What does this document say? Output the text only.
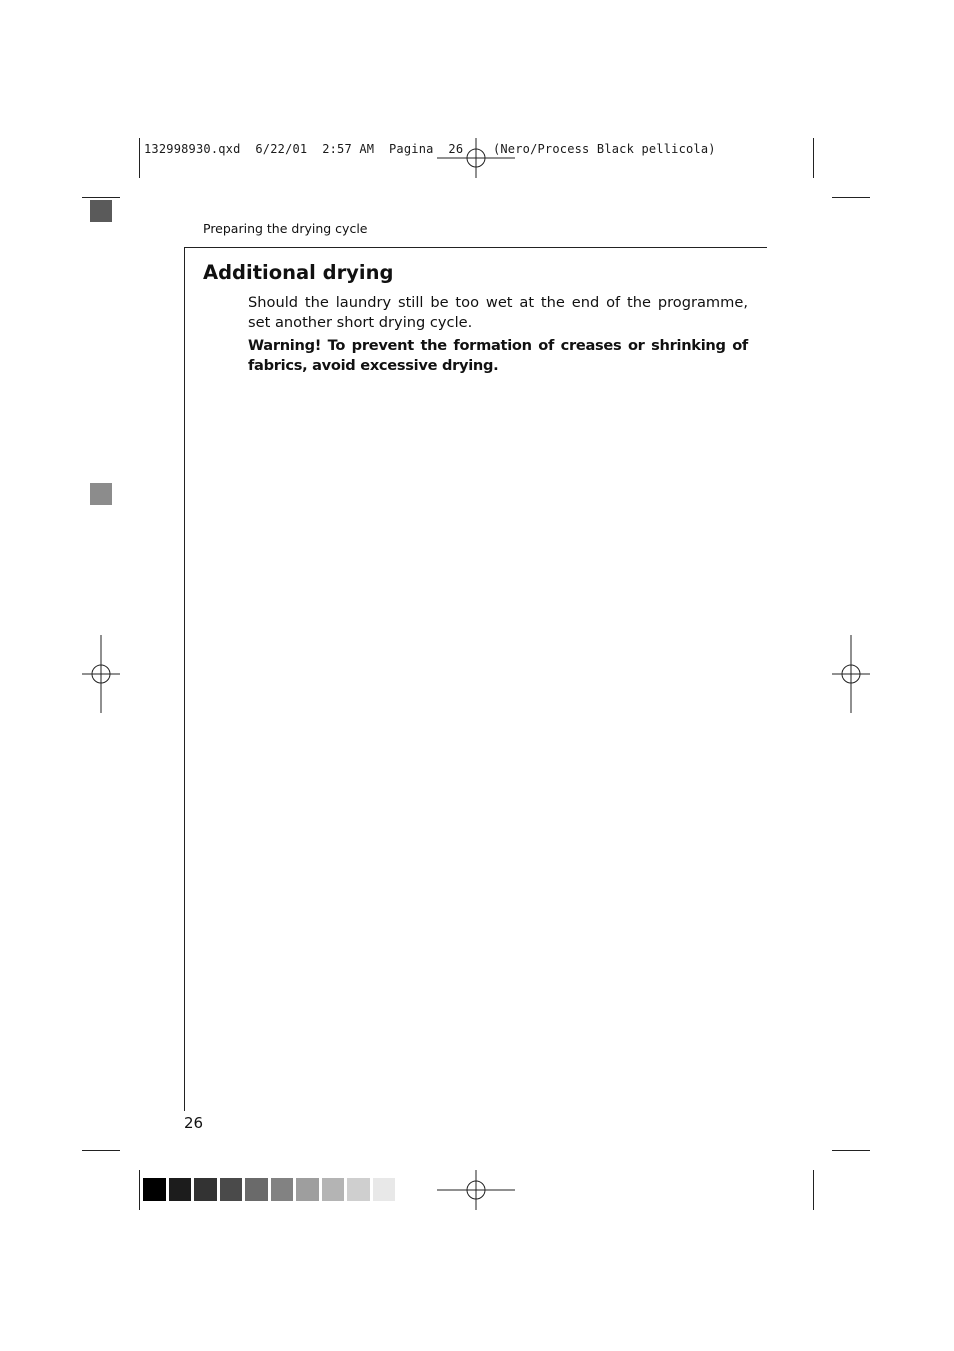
132998930.qxd  6/22/01  2:57 AM  Pagina  26    (Nero/Process Black pellicola)
Preparing the drying cycle
Additional drying

Should the laundry still be too wet at the end of the programme, set another short drying cycle.

Warning! To prevent the formation of creases or shrinking of fabrics, avoid excessive drying.

26
